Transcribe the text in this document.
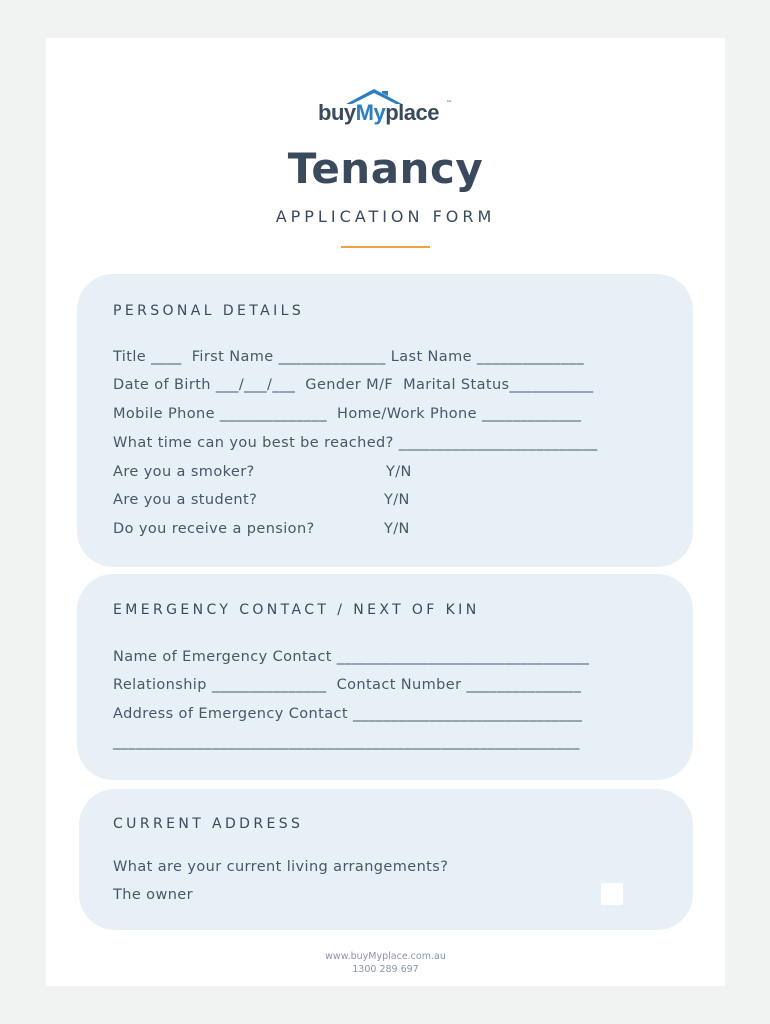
buyMyplace ™
Tenancy
APPLICATION FORM
PERSONAL DETAILS
Title ____  First Name ______________ Last Name ______________
Date of Birth ___/___/___  Gender M/F  Marital Status___________
Mobile Phone ______________  Home/Work Phone _____________
What time can you best be reached? __________________________
Are you a smoker?	Y/N
Are you a student?	Y/N
Do you receive a pension?	Y/N
EMERGENCY CONTACT / NEXT OF KIN
Name of Emergency Contact _________________________________
Relationship _______________  Contact Number _______________
Address of Emergency Contact ______________________________
_____________________________________________________________
CURRENT ADDRESS
What are your current living arrangements?
The owner
www.buyMyplace.com.au
1300 289 697
